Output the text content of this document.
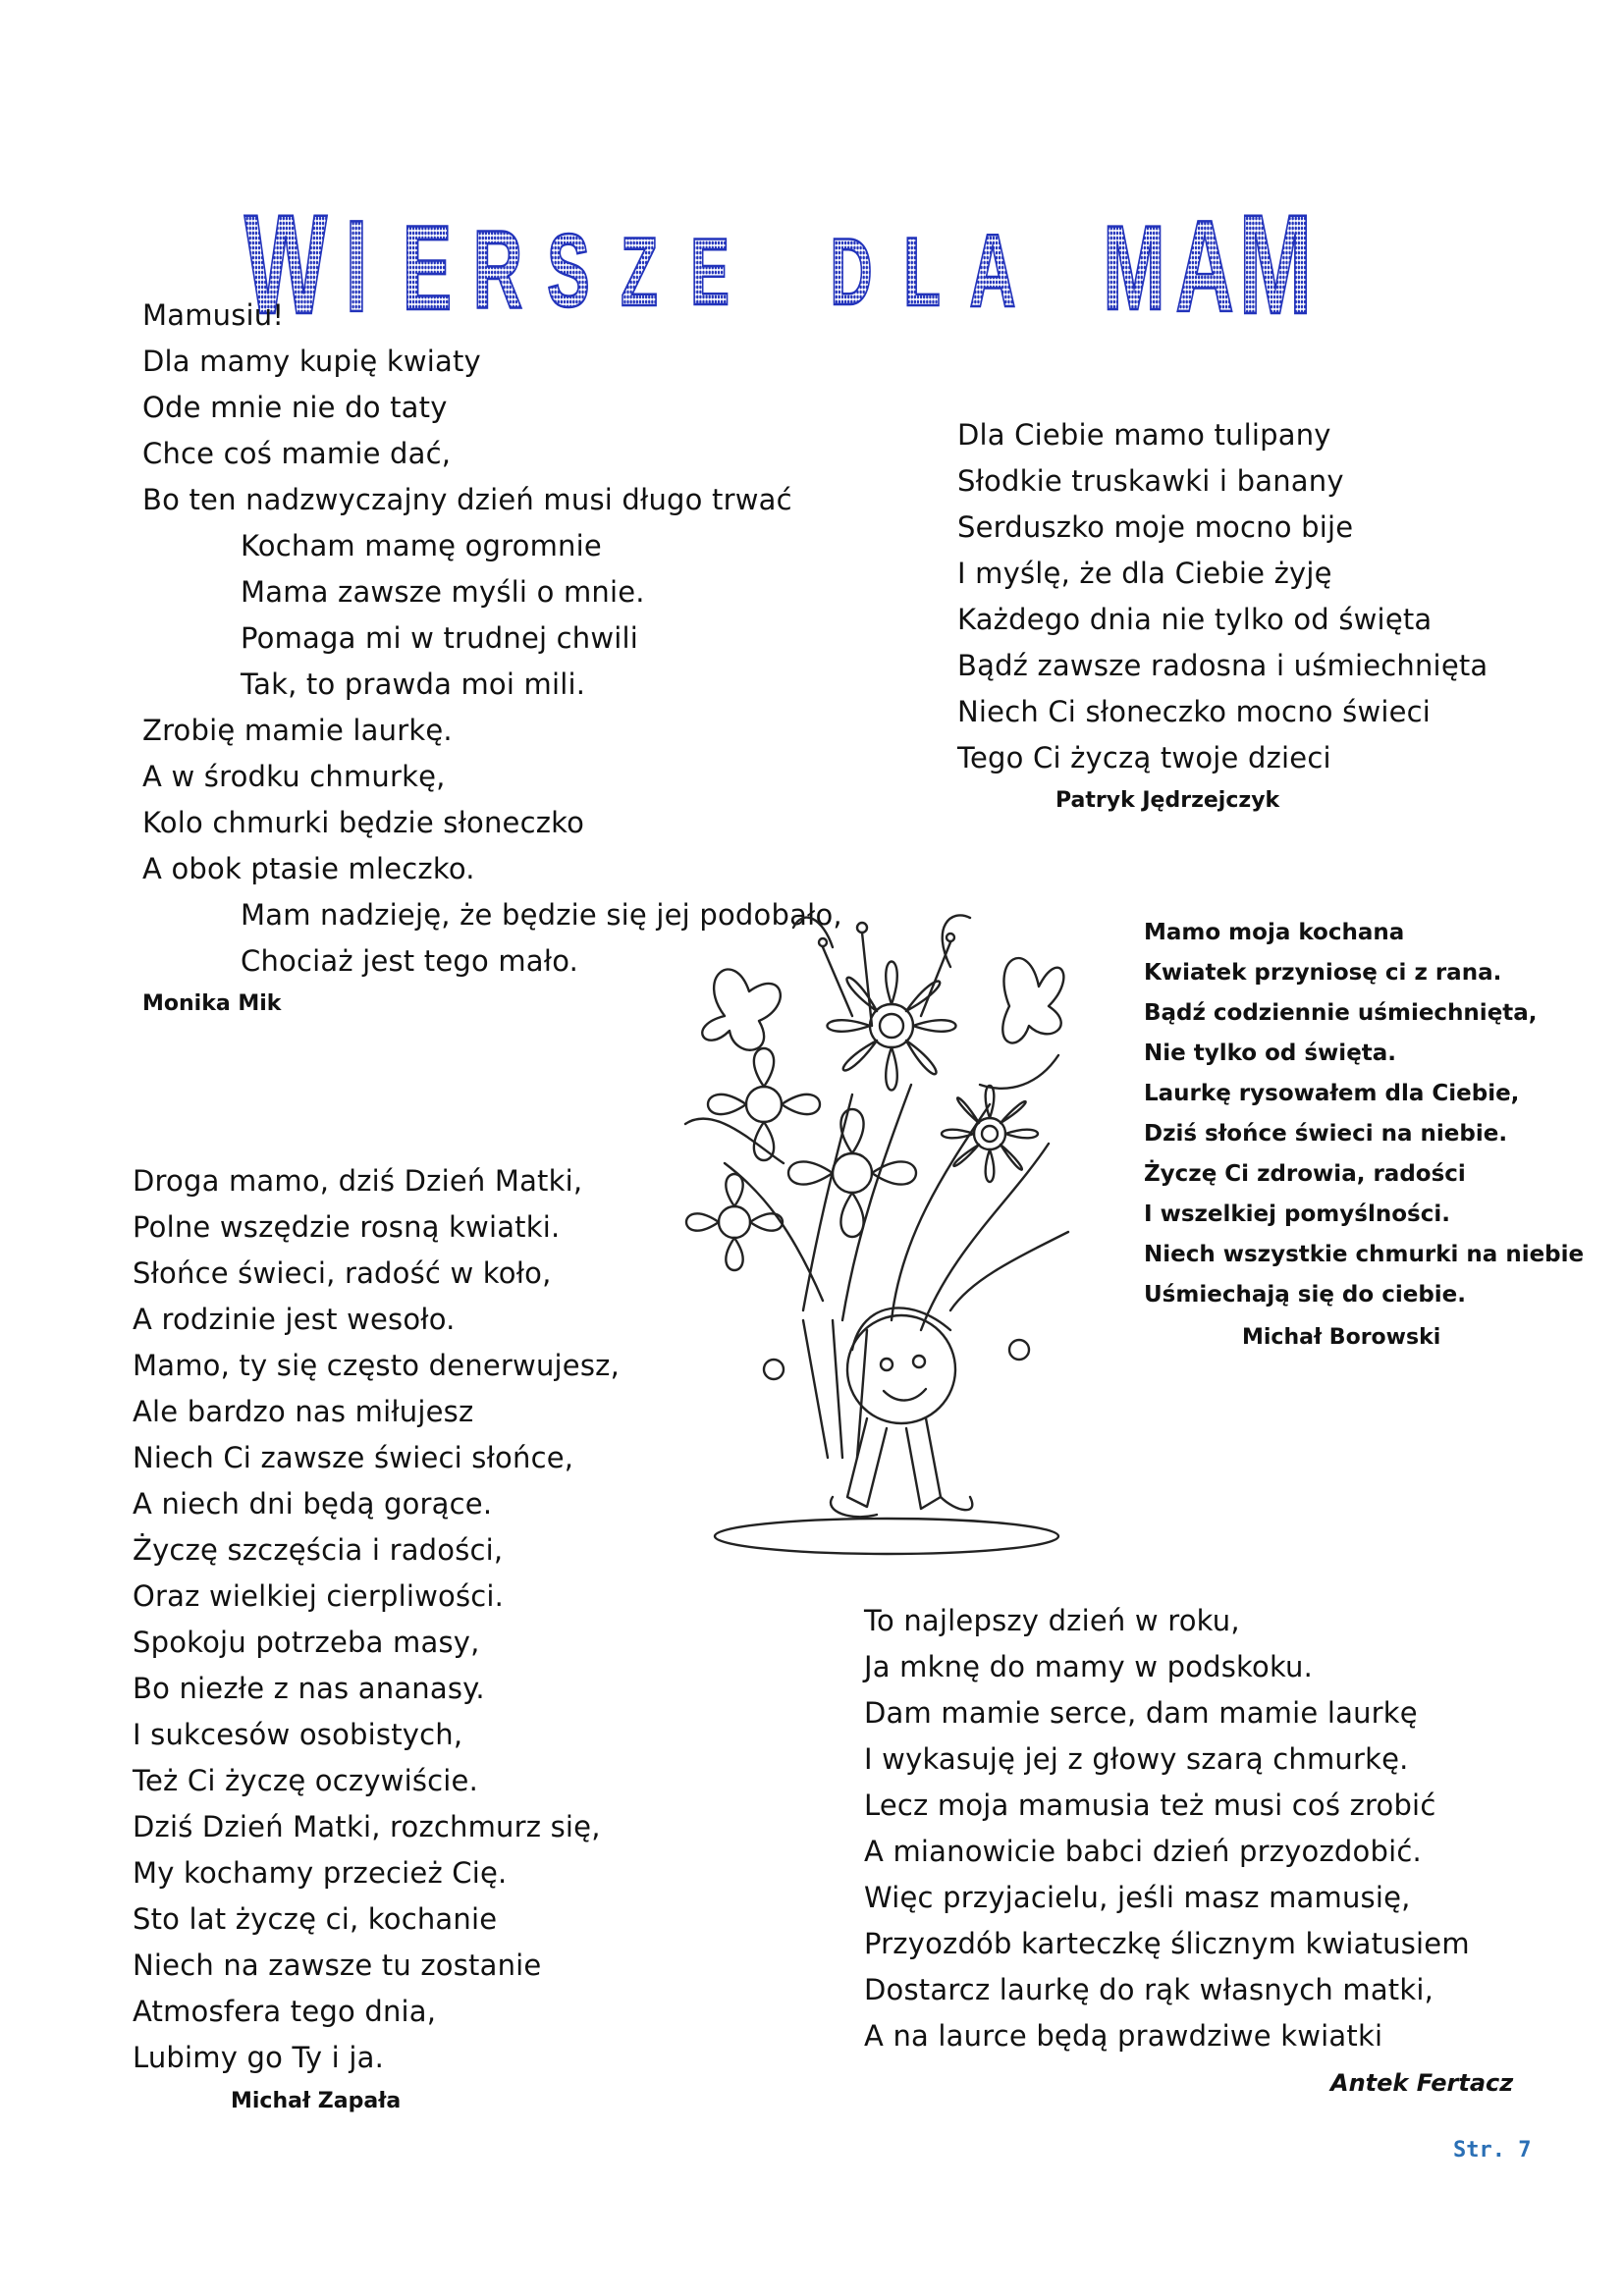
W I E R S Z E D L A M A M
Mamusiu!
Dla mamy kupię kwiaty
Ode mnie nie do taty
Chce coś mamie dać,
Bo ten nadzwyczajny dzień musi długo trwać
Kocham mamę ogromnie
Mama zawsze myśli o mnie.
Pomaga mi w trudnej chwili
Tak, to prawda moi mili.
Zrobię mamie laurkę.
A w środku chmurkę,
Kolo chmurki będzie słoneczko
A obok ptasie mleczko.
Mam nadzieję, że będzie się jej podobało,
Chociaż jest tego mało.
Monika Mik
Dla Ciebie mamo tulipany
Słodkie truskawki i banany
Serduszko moje mocno bije
I myślę, że dla Ciebie żyję
Każdego dnia nie tylko od święta
Bądź zawsze radosna i uśmiechnięta
Niech Ci słoneczko mocno świeci
Tego Ci życzą twoje dzieci
Patryk Jędrzejczyk
Mamo moja kochana
Kwiatek przyniosę ci z rana.
Bądź codziennie uśmiechnięta,
Nie tylko od święta.
Laurkę rysowałem dla Ciebie,
Dziś słońce świeci na niebie.
Życzę Ci zdrowia, radości
I wszelkiej pomyślności.
Niech wszystkie chmurki na niebie
Uśmiechają się do ciebie.
Michał Borowski
Droga mamo, dziś Dzień Matki,
Polne wszędzie rosną kwiatki.
Słońce świeci, radość w koło,
A rodzinie jest wesoło.
Mamo, ty się często denerwujesz,
Ale bardzo nas miłujesz
Niech Ci zawsze świeci słońce,
A niech dni będą gorące.
Życzę szczęścia i radości,
Oraz wielkiej cierpliwości.
Spokoju potrzeba masy,
Bo niezłe z nas ananasy.
I sukcesów osobistych,
Też Ci życzę oczywiście.
Dziś Dzień Matki, rozchmurz się,
My kochamy przecież Cię.
Sto lat życzę ci, kochanie
Niech na zawsze tu zostanie
Atmosfera tego dnia,
Lubimy go Ty i ja.
Michał Zapała
To najlepszy dzień w roku,
Ja mknę do mamy w podskoku.
Dam mamie serce, dam mamie laurkę
I wykasuję jej z głowy szarą chmurkę.
Lecz moja mamusia też musi coś zrobić
A mianowicie babci dzień przyozdobić.
Więc przyjacielu, jeśli masz mamusię,
Przyozdób karteczkę ślicznym kwiatusiem
Dostarcz laurkę do rąk własnych matki,
A na laurce będą prawdziwe kwiatki
Antek Fertacz
Str. 7
